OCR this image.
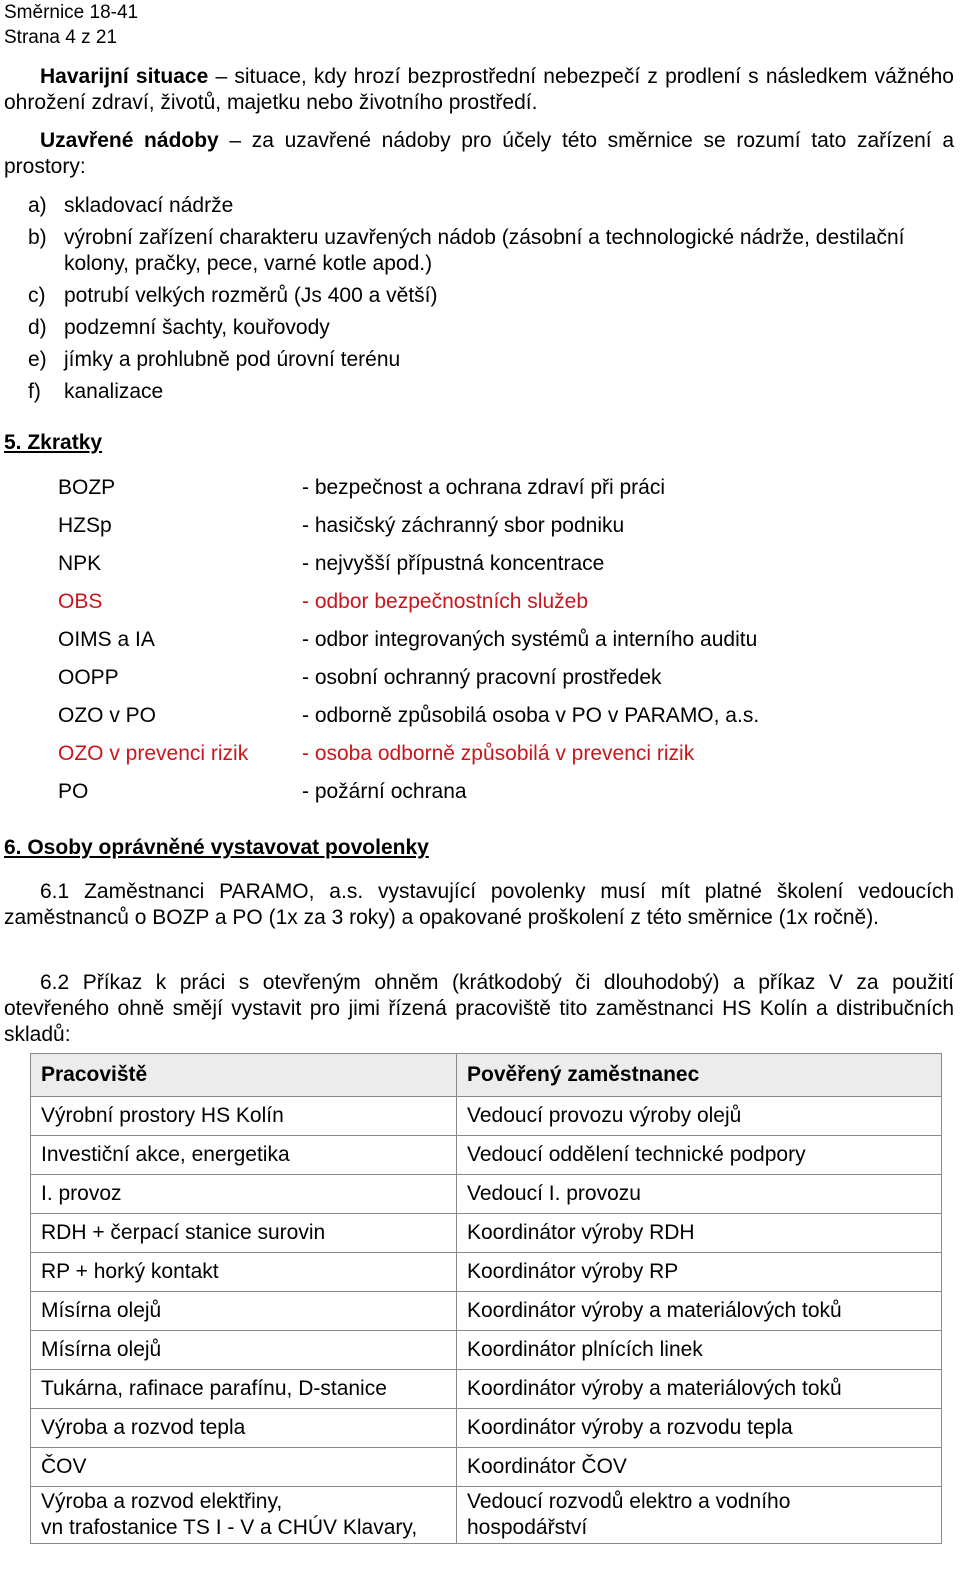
Směrnice 18-41
Strana 4 z 21
Havarijní situace – situace, kdy hrozí bezprostřední nebezpečí z prodlení s následkem vážného ohrožení zdraví, životů, majetku nebo životního prostředí.
Uzavřené nádoby – za uzavřené nádoby pro účely této směrnice se rozumí tato zařízení a prostory:
a) skladovací nádrže
b) výrobní zařízení charakteru uzavřených nádob (zásobní a technologické nádrže, destilační kolony, pračky, pece, varné kotle apod.)
c) potrubí velkých rozměrů (Js 400 a větší)
d) podzemní šachty, kouřovody
e) jímky a prohlubně pod úrovní terénu
f)	kanalizace
5. Zkratky
BOZP	- bezpečnost a ochrana zdraví při práci
HZSp	- hasičský záchranný sbor podniku
NPK	- nejvyšší přípustná koncentrace
OBS	- odbor bezpečnostních služeb
OIMS a IA	- odbor integrovaných systémů a interního auditu
OOPP	- osobní ochranný pracovní prostředek
OZO v PO	- odborně způsobilá osoba v PO v PARAMO, a.s.
OZO v prevenci rizik	- osoba odborně způsobilá v prevenci rizik
PO	- požární ochrana
6. Osoby oprávněné vystavovat povolenky
6.1 Zaměstnanci PARAMO, a.s. vystavující povolenky musí mít platné školení vedoucích zaměstnanců o BOZP a PO (1x za 3 roky) a opakované proškolení z této směrnice (1x ročně).
6.2 Příkaz k práci s otevřeným ohněm (krátkodobý či dlouhodobý) a příkaz V za použití otevřeného ohně smějí vystavit pro jimi řízená pracoviště tito zaměstnanci HS Kolín a distribučních skladů:
Pracoviště	Pověřený zaměstnanec
Výrobní prostory HS Kolín	Vedoucí provozu výroby olejů
Investiční akce, energetika	Vedoucí oddělení technické podpory
I. provoz	Vedoucí I. provozu
RDH + čerpací stanice surovin	Koordinátor výroby RDH
RP + horký kontakt	Koordinátor výroby RP
Mísírna olejů	Koordinátor výroby a materiálových toků
Mísírna olejů	Koordinátor plnících linek
Tukárna, rafinace parafínu, D-stanice	Koordinátor výroby a materiálových toků
Výroba a rozvod tepla	Koordinátor výroby a rozvodu tepla
ČOV	Koordinátor ČOV
Výroba a rozvod elektřiny,
vn trafostanice TS I - V a CHÚV Klavary,	Vedoucí rozvodů elektro a vodního
hospodářství
